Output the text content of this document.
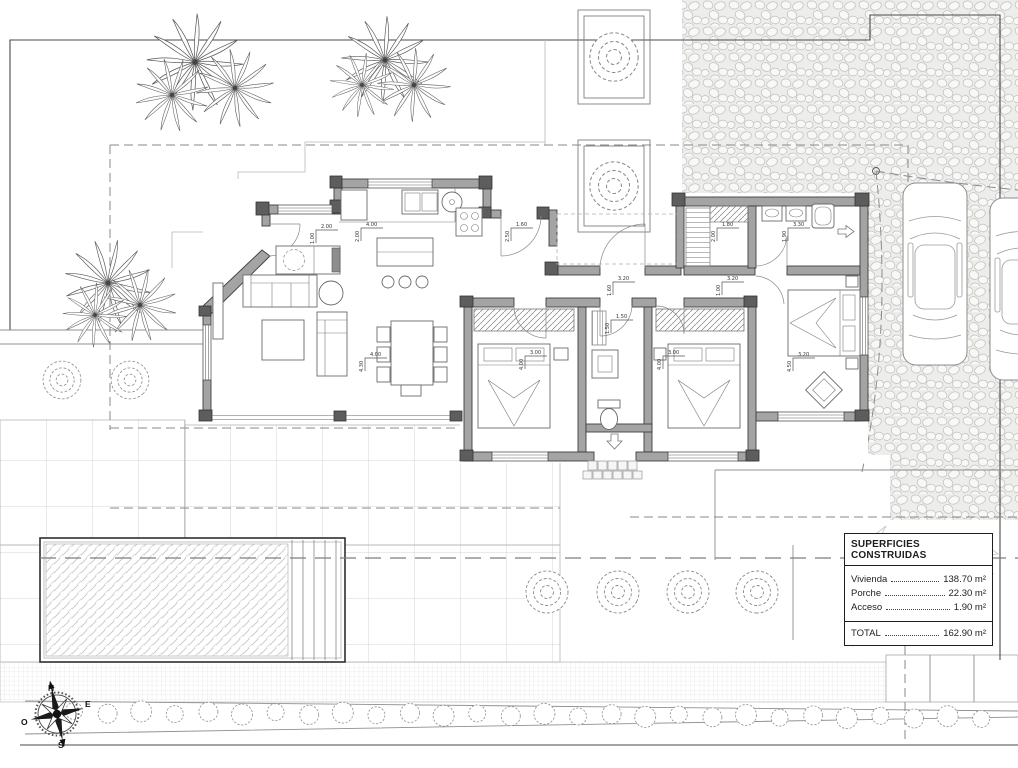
2.00
1.00
4.00
2.00
1.60
2.50
4.00
4.30
3.00
4.00
1.50
1.50
3.00
4.00
3.20
1.60
3.30
1.90
1.80
2.00
3.20
4.50
3.20
1.00
N
E
O
S
SUPERFICIES CONSTRUIDAS
Vivienda	138.70 m²
Porche	22.30 m²
Acceso	1.90 m²
TOTAL	162.90 m²
